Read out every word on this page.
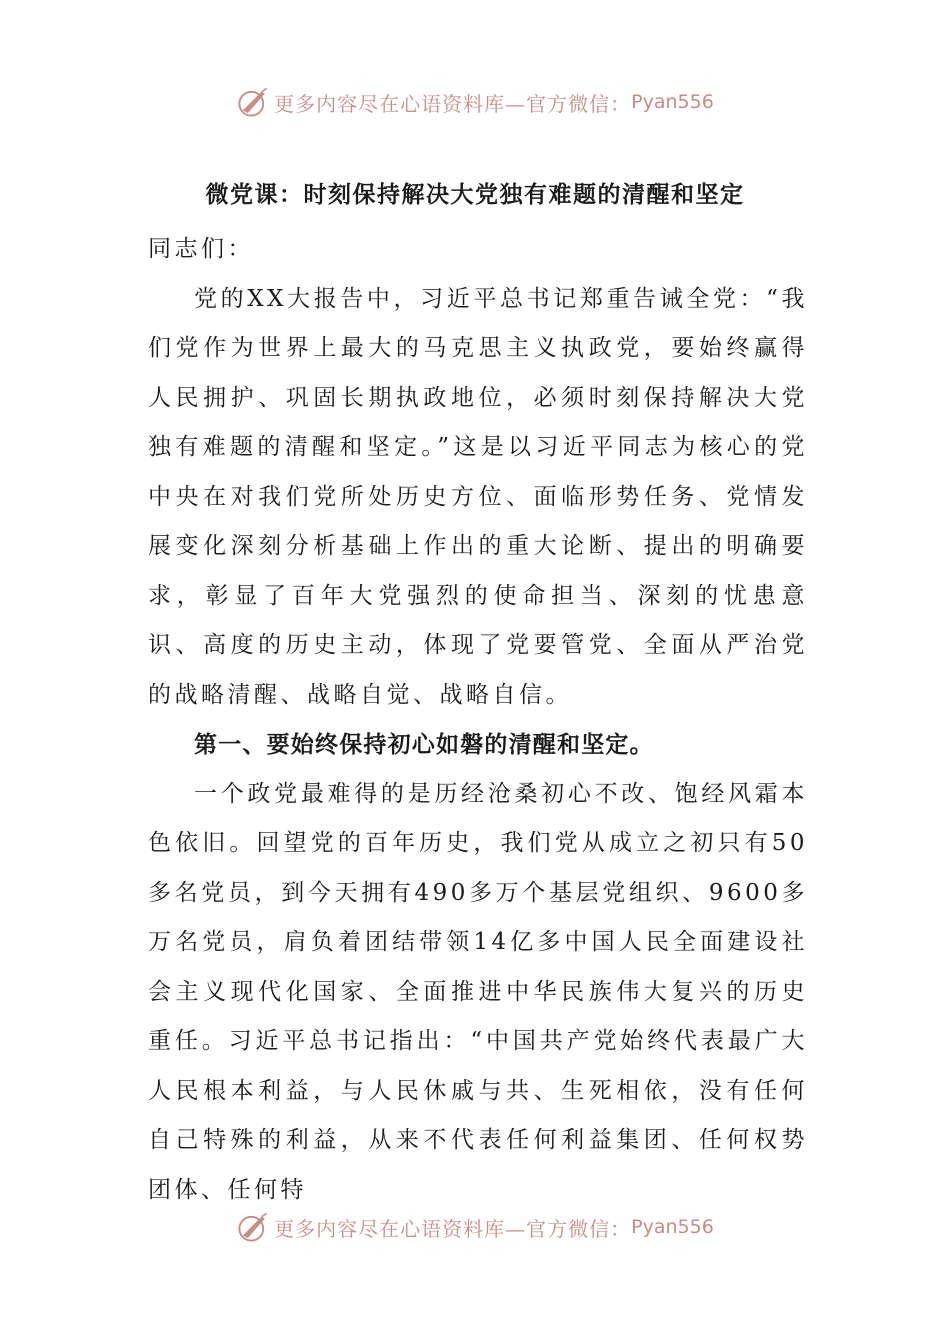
更多内容尽在心语资料库—官方微信： Pyan556
微党课：时刻保持解决大党独有难题的清醒和坚定

同志们：

党的XX大报告中，习近平总书记郑重告诫全党：“我们党作为世界上最大的马克思主义执政党，要始终赢得人民拥护、巩固长期执政地位，必须时刻保持解决大党独有难题的清醒和坚定。”这是以习近平同志为核心的党中央在对我们党所处历史方位、面临形势任务、党情发展变化深刻分析基础上作出的重大论断、提出的明确要求，彰显了百年大党强烈的使命担当、深刻的忧患意识、高度的历史主动，体现了党要管党、全面从严治党的战略清醒、战略自觉、战略自信。

第一、要始终保持初心如磐的清醒和坚定。

一个政党最难得的是历经沧桑初心不改、饱经风霜本色依旧。回望党的百年历史，我们党从成立之初只有50多名党员，到今天拥有490多万个基层党组织、9600多万名党员，肩负着团结带领14亿多中国人民全面建设社会主义现代化国家、全面推进中华民族伟大复兴的历史重任。习近平总书记指出：“中国共产党始终代表最广大人民根本利益，与人民休戚与共、生死相依，没有任何自己特殊的利益，从来不代表任何利益集团、任何权势团体、任何特

更多内容尽在心语资料库—官方微信： Pyan556
